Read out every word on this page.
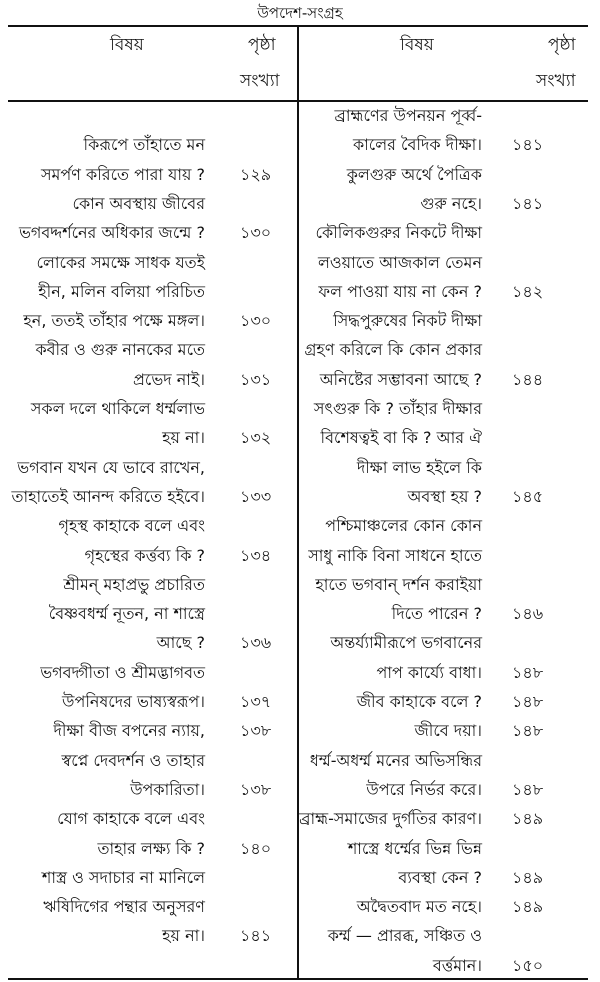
উপদেশ-সংগ্রহ
বিষয়	পৃষ্ঠা
সংখ্যা
বিষয়	পৃষ্ঠা
সংখ্যা
কিরূপে তাঁহাতে মন
সমর্পণ করিতে পারা যায় ? ১২৯
কোন অবস্থায় জীবের
ভগবদ্দর্শনের অধিকার জন্মে ? ১৩০
লোকের সমক্ষে সাধক যতই
হীন, মলিন বলিয়া পরিচিত
হন, ততই তাঁহার পক্ষে মঙ্গল। ১৩০
কবীর ও গুরু নানকের মতে
প্রভেদ নাই। ১৩১
সকল দলে থাকিলে ধর্ম্মলাভ
হয় না। ১৩২
ভগবান যখন যে ভাবে রাখেন,
তাহাতেই আনন্দ করিতে হইবে। ১৩৩
গৃহস্থ কাহাকে বলে এবং
গৃহস্থের কর্ত্তব্য কি ? ১৩৪
শ্রীমন্ মহাপ্রভু প্রচারিত
বৈষ্ণবধর্ম্ম নূতন, না শাস্ত্রে
আছে ? ১৩৬
ভগবদ্গীতা ও শ্রীমদ্ভাগবত
উপনিষদের ভাষ্যস্বরূপ। ১৩৭
দীক্ষা বীজ বপনের ন্যায়, ১৩৮
স্বপ্নে দেবদর্শন ও তাহার
উপকারিতা। ১৩৮
যোগ কাহাকে বলে এবং
তাহার লক্ষ্য কি ? ১৪০
শাস্ত্র ও সদাচার না মানিলে
ঋষিদিগের পন্থার অনুসরণ
হয় না। ১৪১
ব্রাহ্মণের উপনয়ন পূর্ব্ব-
কালের বৈদিক দীক্ষা। ১৪১
কুলগুরু অর্থে পৈত্রিক
গুরু নহে। ১৪১
কৌলিকগুরুর নিকটে দীক্ষা
লওয়াতে আজকাল তেমন
ফল পাওয়া যায় না কেন ? ১৪২
সিদ্ধপুরুষের নিকট দীক্ষা
গ্রহণ করিলে কি কোন প্রকার
অনিষ্টের সম্ভাবনা আছে ? ১৪৪
সৎগুরু কি ? তাঁহার দীক্ষার
বিশেষত্বই বা কি ? আর ঐ
দীক্ষা লাভ হইলে কি
অবস্থা হয় ? ১৪৫
পশ্চিমাঞ্চলের কোন কোন
সাধু নাকি বিনা সাধনে হাতে
হাতে ভগবান্ দর্শন করাইয়া
দিতে পারেন ? ১৪৬
অন্তর্য্যামীরূপে ভগবানের
পাপ কার্য্যে বাধা। ১৪৮
জীব কাহাকে বলে ? ১৪৮
জীবে দয়া। ১৪৮
ধর্ম্ম-অধর্ম্ম মনের অভিসন্ধির
উপরে নির্ভর করে। ১৪৮
ব্রাহ্ম-সমাজের দুর্গতির কারণ। ১৪৯
শাস্ত্রে ধর্ম্মের ভিন্ন ভিন্ন
ব্যবস্থা কেন ? ১৪৯
অদ্বৈতবাদ মত নহে। ১৪৯
কর্ম্ম — প্রারব্ধ, সঞ্চিত ও
বর্ত্তমান। ১৫০
